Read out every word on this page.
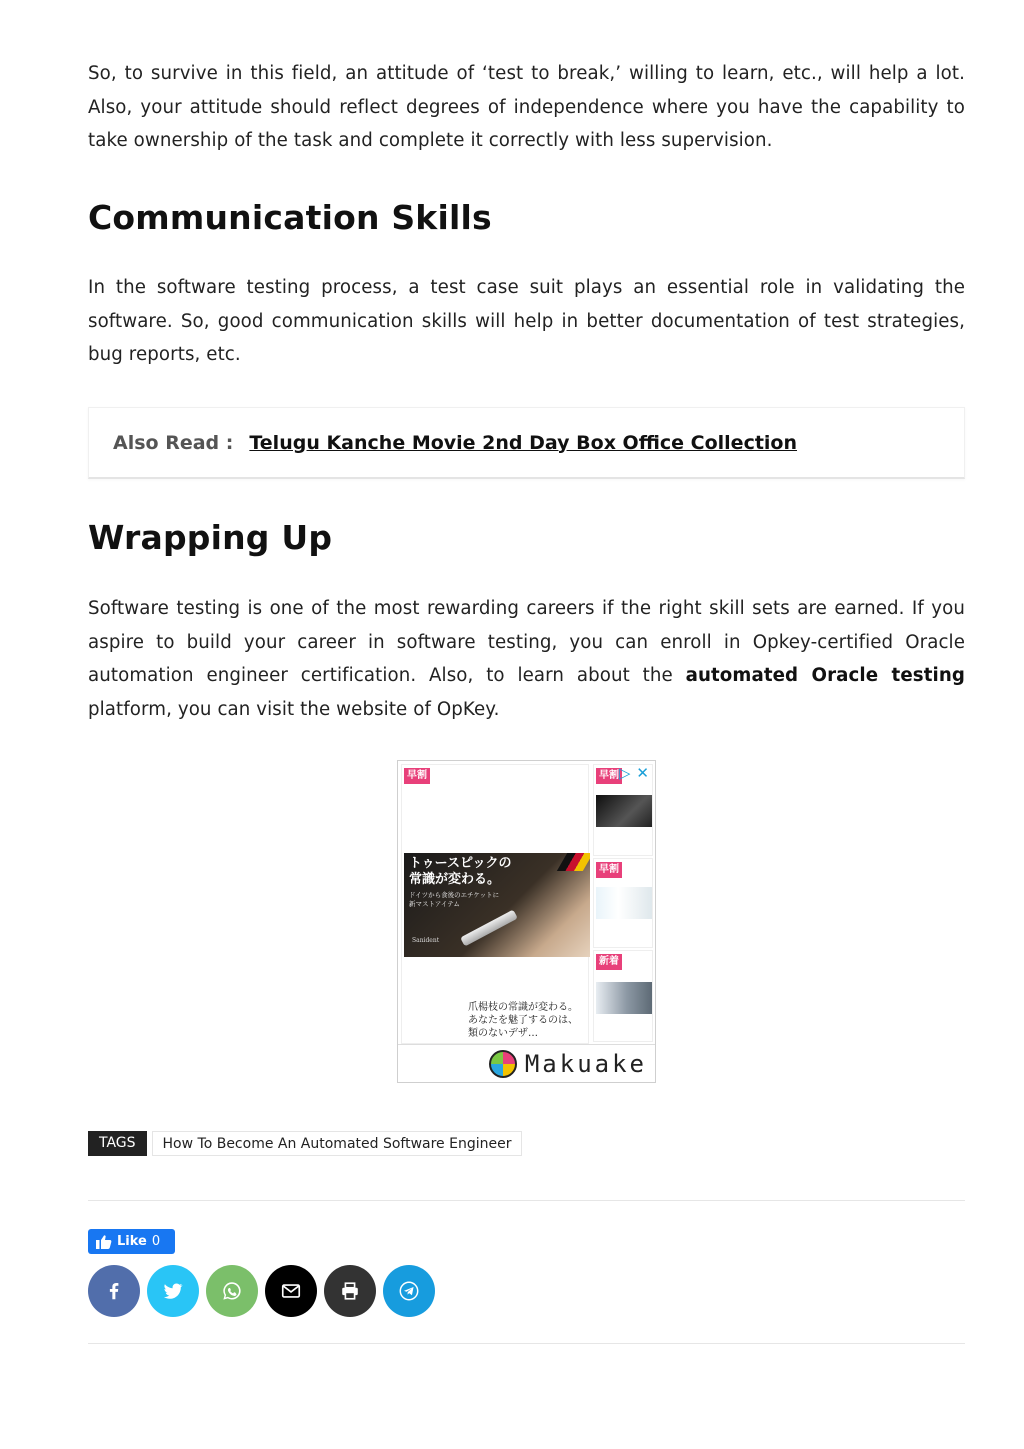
So, to survive in this field, an attitude of ‘test to break,’ willing to learn, etc., will help a lot. Also, your attitude should reflect degrees of independence where you have the capability to take ownership of the task and complete it correctly with less supervision.

Communication Skills

In the software testing process, a test case suit plays an essential role in validating the software. So, good communication skills will help in better documentation of test strategies, bug reports, etc.

Also Read : Telugu Kanche Movie 2nd Day Box Office Collection
Wrapping Up

Software testing is one of the most rewarding careers if the right skill sets are earned. If you aspire to build your career in software testing, you can enroll in Opkey-certified Oracle automation engineer certification. Also, to learn about the automated Oracle testing platform, you can visit the website of OpKey.

早割
トゥースピックの
常識が変わる。
ドイツから食後のエチケットに
新マストアイテム
Sanident
爪楊枝の常識が変わる。あなたを魅了するのは、類のないデザ…
早割
早割
新着
▷ ✕
Makuake
TAGS	How To Become An Automated Software Engineer
Like 0
